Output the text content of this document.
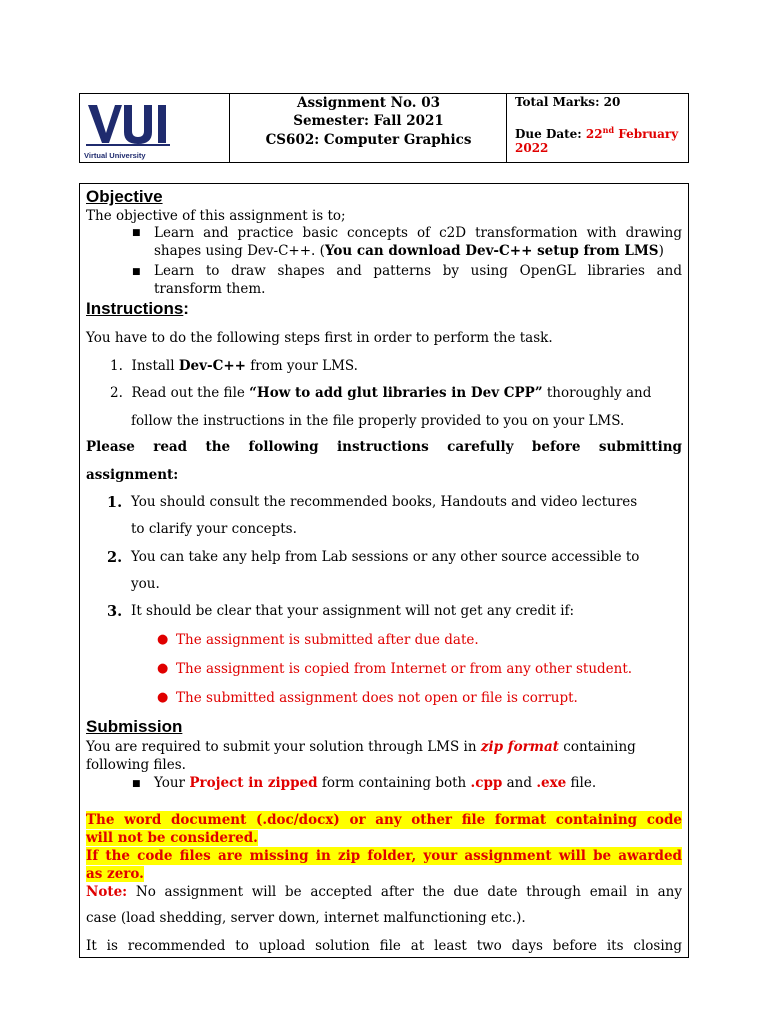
Virtual University
Assignment No. 03
Semester: Fall 2021
CS602: Computer Graphics
Total Marks: 20
Due Date: 22nd February
2022
Objective
The objective of this assignment is to;
■ Learn and practice basic concepts of c2D transformation with drawing
shapes using Dev-C++. (You can download Dev-C++ setup from LMS)
■ Learn to draw shapes and patterns by using OpenGL libraries and
transform them.
Instructions:
You have to do the following steps first in order to perform the task.
1. Install Dev-C++ from your LMS.
2. Read out the file “How to add glut libraries in Dev CPP” thoroughly and
follow the instructions in the file properly provided to you on your LMS.
Please read the following instructions carefully before submitting
assignment:
1. You should consult the recommended books, Handouts and video lectures
to clarify your concepts.
2. You can take any help from Lab sessions or any other source accessible to
you.
3. It should be clear that your assignment will not get any credit if:
● The assignment is submitted after due date.
● The assignment is copied from Internet or from any other student.
● The submitted assignment does not open or file is corrupt.
Submission
You are required to submit your solution through LMS in zip format containing
following files.
■ Your Project in zipped form containing both .cpp and .exe file.
The word document (.doc/docx) or any other file format containing code
will not be considered.
If the code files are missing in zip folder, your assignment will be awarded
as zero.
Note: No assignment will be accepted after the due date through email in any
case (load shedding, server down, internet malfunctioning etc.).
It is recommended to upload solution file at least two days before its closing
